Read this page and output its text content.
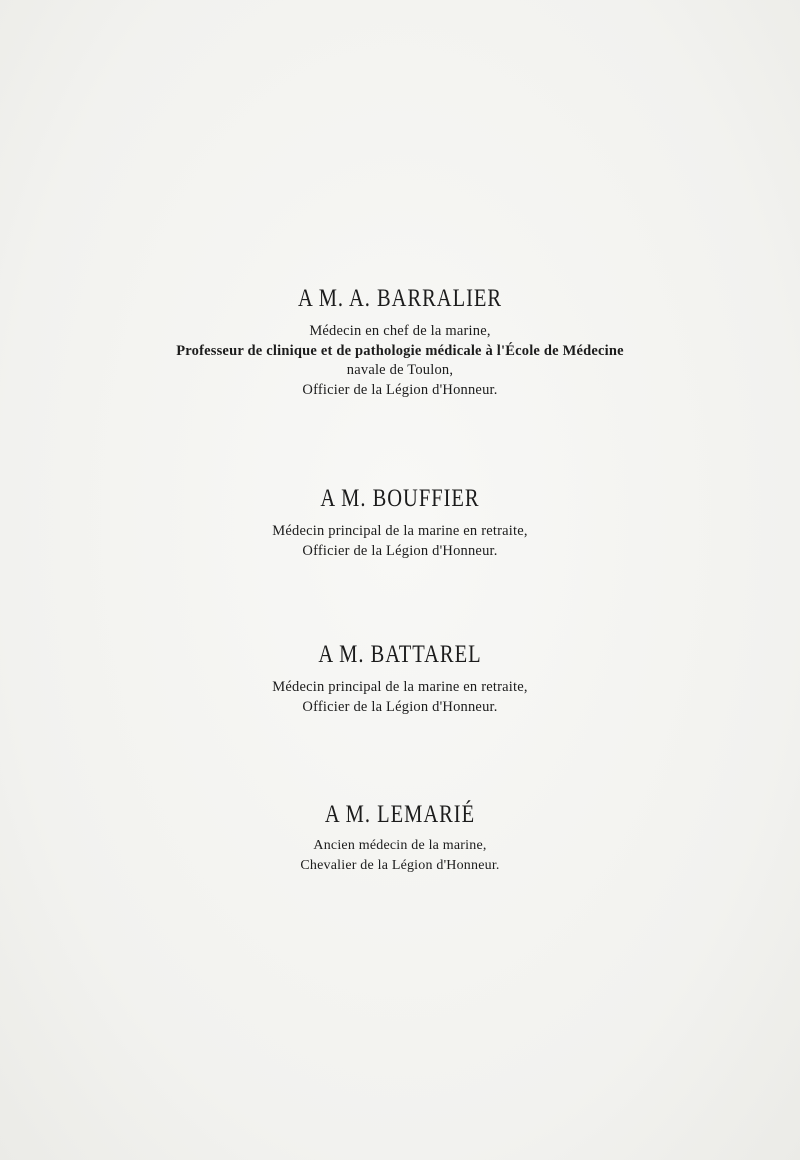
A M. A. BARRALIER

Médecin en chef de la marine,

Professeur de clinique et de pathologie médicale à l'École de Médecine

navale de Toulon,

Officier de la Légion d'Honneur.

A M. BOUFFIER

Médecin principal de la marine en retraite,

Officier de la Légion d'Honneur.

A M. BATTAREL

Médecin principal de la marine en retraite,

Officier de la Légion d'Honneur.

A M. LEMARIÉ

Ancien médecin de la marine,

Chevalier de la Légion d'Honneur.
